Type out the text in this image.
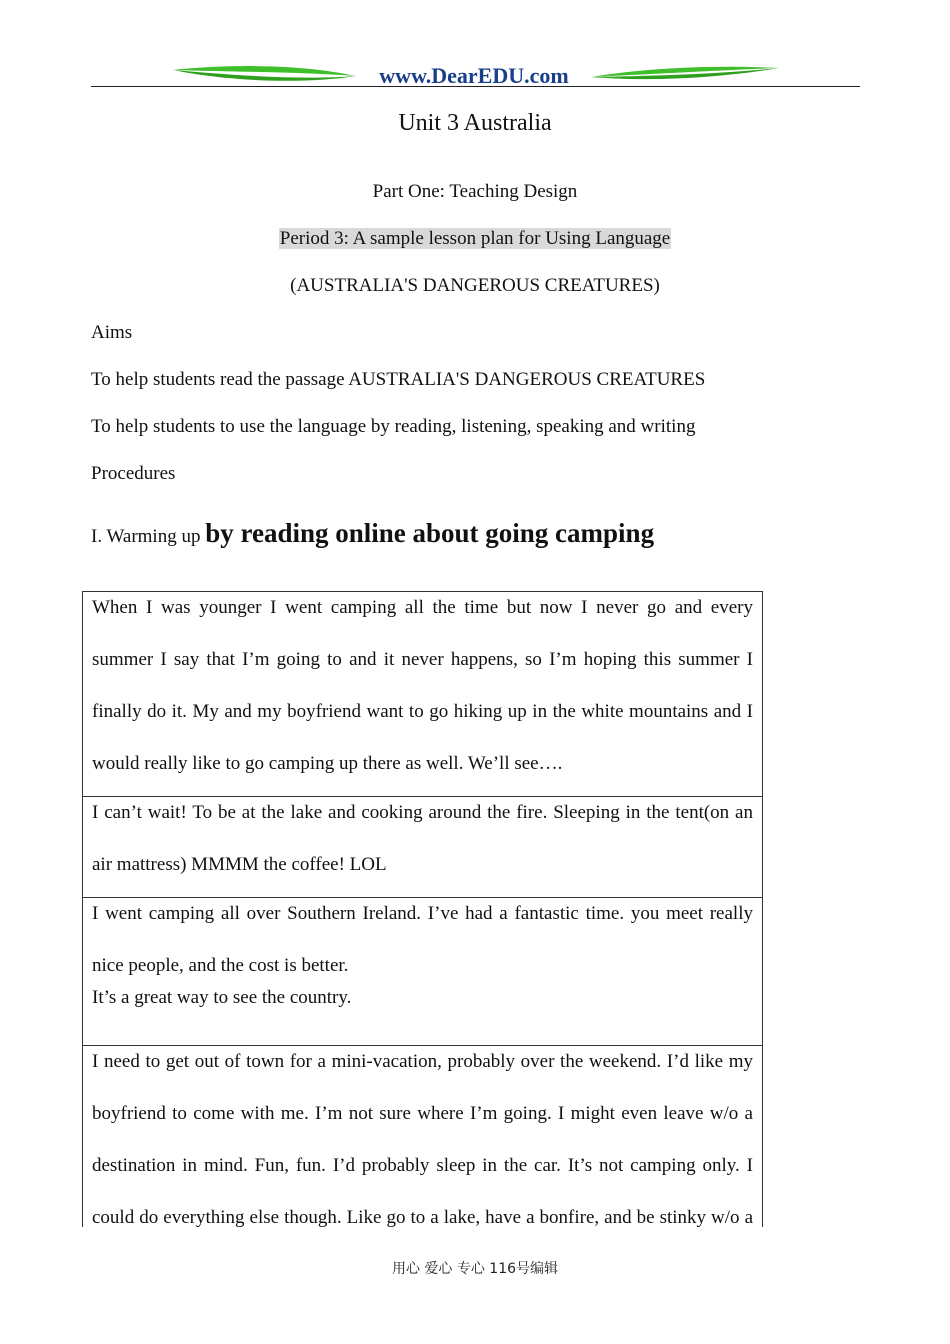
www.DearEDU.com
Unit 3 Australia
Part One: Teaching Design
Period 3: A sample lesson plan for Using Language
(AUSTRALIA'S DANGEROUS CREATURES)
Aims
To help students read the passage AUSTRALIA'S DANGEROUS CREATURES
To help students to use the language by reading, listening, speaking and writing
Procedures
I. Warming up by reading online about going camping
When I was younger I went camping all the time but now I never go and every
summer I say that I’m going to and it never happens, so I’m hoping this summer I
finally do it. My and my boyfriend want to go hiking up in the white mountains and I
would really like to go camping up there as well. We’ll see….
I can’t wait! To be at the lake and cooking around the fire. Sleeping in the tent(on an
air mattress) MMMM the coffee! LOL
I went camping all over Southern Ireland. I’ve had a fantastic time. you meet really
nice people, and the cost is better.
It’s a great way to see the country.
I need to get out of town for a mini-vacation, probably over the weekend. I’d like my
boyfriend to come with me. I’m not sure where I’m going. I might even leave w/o a
destination in mind. Fun, fun. I’d probably sleep in the car. It’s not camping only. I
could do everything else though. Like go to a lake, have a bonfire, and be stinky w/o a
用心 爱心 专心 116号编辑
